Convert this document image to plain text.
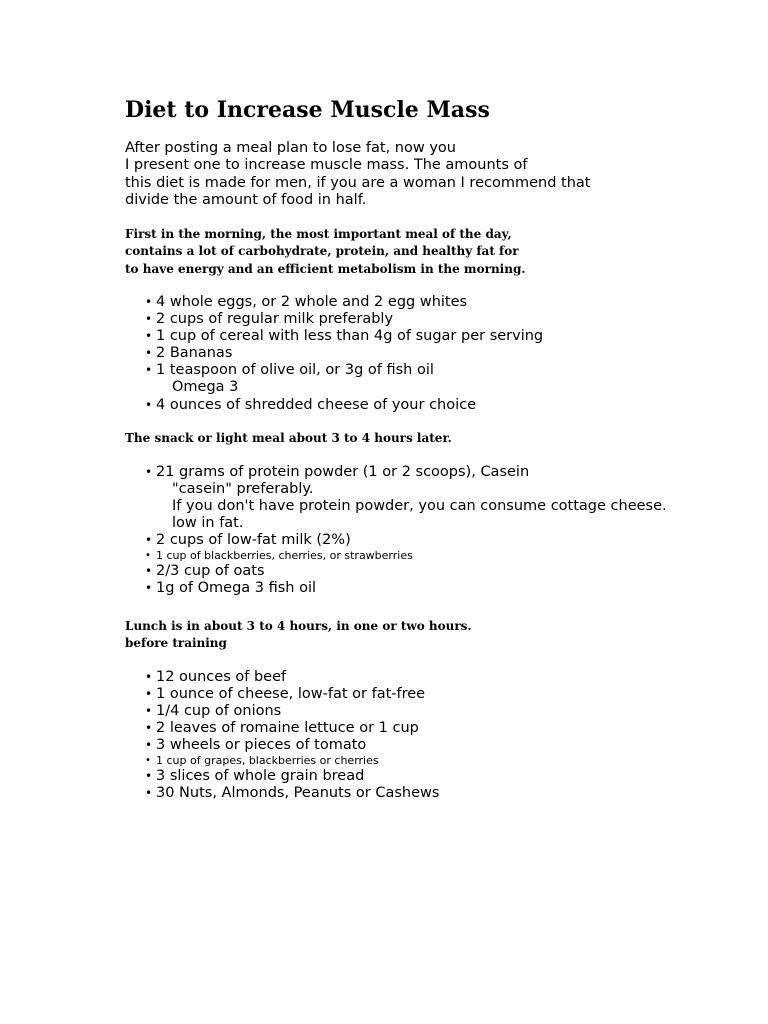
Diet to Increase Muscle Mass
After posting a meal plan to lose fat, now you
I present one to increase muscle mass. The amounts of
this diet is made for men, if you are a woman I recommend that
divide the amount of food in half.
First in the morning, the most important meal of the day,
contains a lot of carbohydrate, protein, and healthy fat for
to have energy and an efficient metabolism in the morning.
• 4 whole eggs, or 2 whole and 2 egg whites
• 2 cups of regular milk preferably
• 1 cup of cereal with less than 4g of sugar per serving
• 2 Bananas
• 1 teaspoon of olive oil, or 3g of fish oil
Omega 3
• 4 ounces of shredded cheese of your choice
The snack or light meal about 3 to 4 hours later.
• 21 grams of protein powder (1 or 2 scoops), Casein
"casein" preferably.
If you don't have protein powder, you can consume cottage cheese.
low in fat.
• 2 cups of low-fat milk (2%)
• 1 cup of blackberries, cherries, or strawberries
• 2/3 cup of oats
• 1g of Omega 3 fish oil
Lunch is in about 3 to 4 hours, in one or two hours.
before training
• 12 ounces of beef
• 1 ounce of cheese, low-fat or fat-free
• 1/4 cup of onions
• 2 leaves of romaine lettuce or 1 cup
• 3 wheels or pieces of tomato
• 1 cup of grapes, blackberries or cherries
• 3 slices of whole grain bread
• 30 Nuts, Almonds, Peanuts or Cashews
